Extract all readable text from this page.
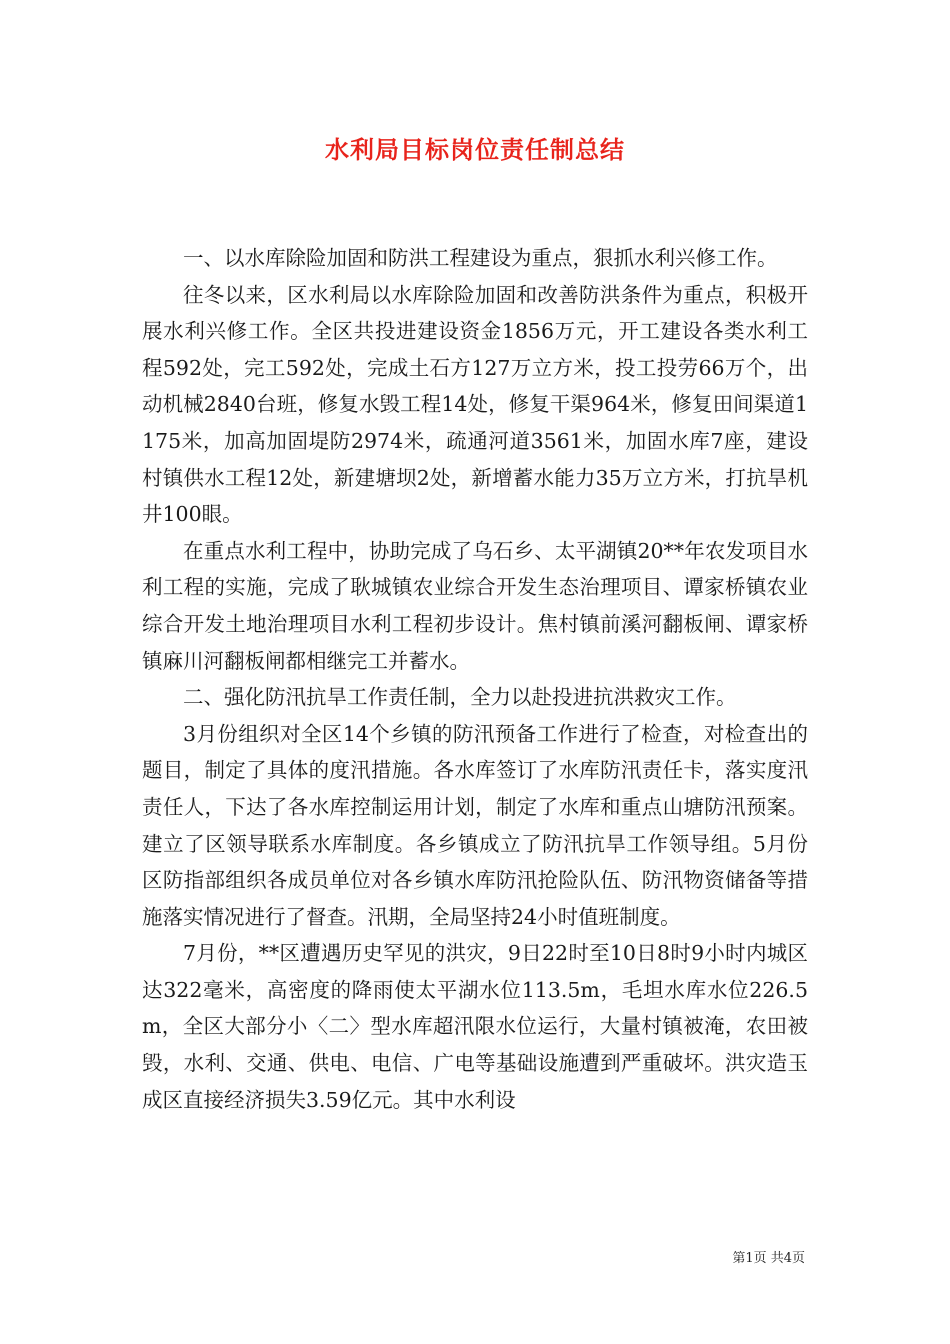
水利局目标岗位责任制总结

一、以水库除险加固和防洪工程建设为重点，狠抓水利兴修工作。

往冬以来，区水利局以水库除险加固和改善防洪条件为重点，积极开展水利兴修工作。全区共投进建设资金1856万元，开工建设各类水利工程592处，完工592处，完成土石方127万立方米，投工投劳66万个，出动机械2840台班，修复水毁工程14处，修复干渠964米，修复田间渠道1175米，加高加固堤防2974米，疏通河道3561米，加固水库7座，建设村镇供水工程12处，新建塘坝2处，新增蓄水能力35万立方米，打抗旱机井100眼。

在重点水利工程中，协助完成了乌石乡、太平湖镇20**年农发项目水利工程的实施，完成了耿城镇农业综合开发生态治理项目、谭家桥镇农业综合开发土地治理项目水利工程初步设计。焦村镇前溪河翻板闸、谭家桥镇麻川河翻板闸都相继完工并蓄水。

二、强化防汛抗旱工作责任制，全力以赴投进抗洪救灾工作。

3月份组织对全区14个乡镇的防汛预备工作进行了检查，对检查出的题目，制定了具体的度汛措施。各水库签订了水库防汛责任卡，落实度汛责任人，下达了各水库控制运用计划，制定了水库和重点山塘防汛预案。建立了区领导联系水库制度。各乡镇成立了防汛抗旱工作领导组。5月份区防指部组织各成员单位对各乡镇水库防汛抢险队伍、防汛物资储备等措施落实情况进行了督查。汛期，全局坚持24小时值班制度。

7月份，**区遭遇历史罕见的洪灾，9日22时至10日8时9小时内城区达322毫米，高密度的降雨使太平湖水位113.5m，毛坦水库水位226.5m，全区大部分小〈二〉型水库超汛限水位运行，大量村镇被淹，农田被毁，水利、交通、供电、电信、广电等基础设施遭到严重破坏。洪灾造玉成区直接经济损失3.59亿元。其中水利设

第1页 共4页
